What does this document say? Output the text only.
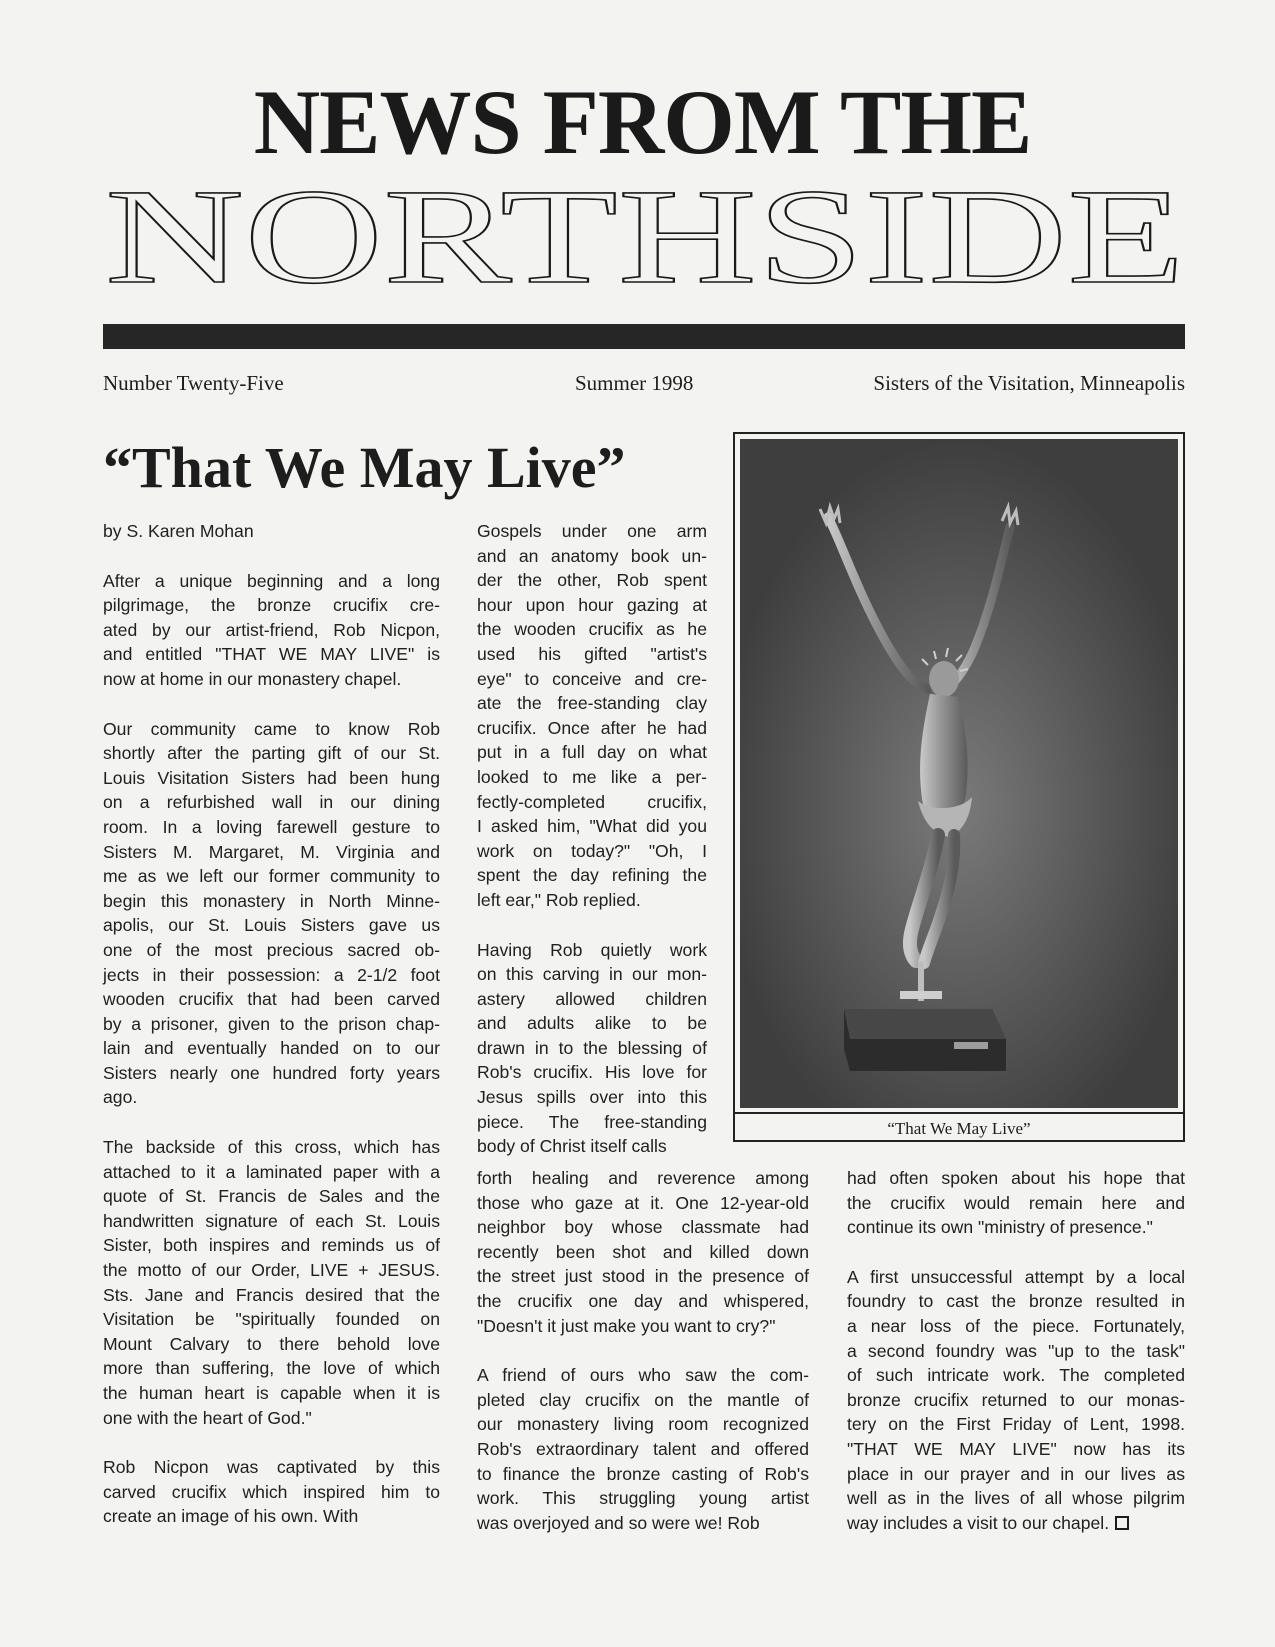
NEWS FROM THE
NORTHSIDE
Number Twenty-Five	Summer 1998	Sisters of the Visitation, Minneapolis
“That We May Live”

by S. Karen Mohan

After a unique beginning and a long

pilgrimage, the bronze crucifix cre-

ated by our artist-friend, Rob Nicpon,

and entitled "THAT WE MAY LIVE" is

now at home in our monastery chapel.

Our community came to know Rob

shortly after the parting gift of our St.

Louis Visitation Sisters had been hung

on a refurbished wall in our dining

room. In a loving farewell gesture to

Sisters M. Margaret, M. Virginia and

me as we left our former community to

begin this monastery in North Minne-

apolis, our St. Louis Sisters gave us

one of the most precious sacred ob-

jects in their possession: a 2-1/2 foot

wooden crucifix that had been carved

by a prisoner, given to the prison chap-

lain and eventually handed on to our

Sisters nearly one hundred forty years

ago.

The backside of this cross, which has

attached to it a laminated paper with a

quote of St. Francis de Sales and the

handwritten signature of each St. Louis

Sister, both inspires and reminds us of

the motto of our Order, LIVE + JESUS.

Sts. Jane and Francis desired that the

Visitation be "spiritually founded on

Mount Calvary to there behold love

more than suffering, the love of which

the human heart is capable when it is

one with the heart of God."

Rob Nicpon was captivated by this

carved crucifix which inspired him to

create an image of his own. With

Gospels under one arm

and an anatomy book un-

der the other, Rob spent

hour upon hour gazing at

the wooden crucifix as he

used his gifted "artist's

eye" to conceive and cre-

ate the free-standing clay

crucifix. Once after he had

put in a full day on what

looked to me like a per-

fectly-completed crucifix,

I asked him, "What did you

work on today?" "Oh, I

spent the day refining the

left ear," Rob replied.

Having Rob quietly work

on this carving in our mon-

astery allowed children

and adults alike to be

drawn in to the blessing of

Rob's crucifix. His love for

Jesus spills over into this

piece. The free-standing

body of Christ itself calls

forth healing and reverence among

those who gaze at it. One 12-year-old

neighbor boy whose classmate had

recently been shot and killed down

the street just stood in the presence of

the crucifix one day and whispered,

"Doesn't it just make you want to cry?"

A friend of ours who saw the com-

pleted clay crucifix on the mantle of

our monastery living room recognized

Rob's extraordinary talent and offered

to finance the bronze casting of Rob's

work. This struggling young artist

was overjoyed and so were we! Rob

had often spoken about his hope that

the crucifix would remain here and

continue its own "ministry of presence."

A first unsuccessful attempt by a local

foundry to cast the bronze resulted in

a near loss of the piece. Fortunately,

a second foundry was "up to the task"

of such intricate work. The completed

bronze crucifix returned to our monas-

tery on the First Friday of Lent, 1998.

"THAT WE MAY LIVE" now has its

place in our prayer and in our lives as

well as in the lives of all whose pilgrim

way includes a visit to our chapel.

“That We May Live”
